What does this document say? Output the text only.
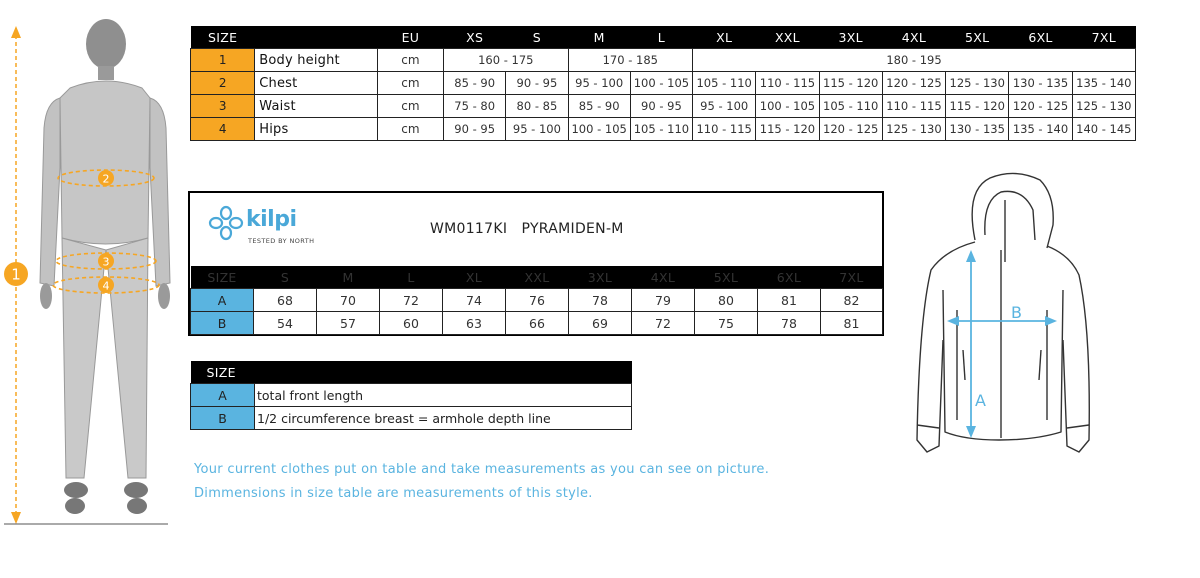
2
3
4
1
SIZE		EU	XS	S	M	L	XL	XXL	3XL	4XL	5XL	6XL	7XL
1	Body height	cm	160 - 175		170 - 185		180 - 195						
2	Chest	cm	85 - 90	90 - 95	95 - 100	100 - 105	105 - 110	110 - 115	115 - 120	120 - 125	125 - 130	130 - 135	135 - 140
3	Waist	cm	75 - 80	80 - 85	85 - 90	90 - 95	95 - 100	100 - 105	105 - 110	110 - 115	115 - 120	120 - 125	125 - 130
4	Hips	cm	90 - 95	95 - 100	100 - 105	105 - 110	110 - 115	115 - 120	120 - 125	125 - 130	130 - 135	135 - 140	140 - 145
kilpi
TESTED BY NORTH
WM0117KI   PYRAMIDEN-M
SIZE	S	M	L	XL	XXL	3XL	4XL	5XL	6XL	7XL
A	68	70	72	74	76	78	79	80	81	82
B	54	57	60	63	66	69	72	75	78	81
SIZE	
A	total front length
B	1/2 circumference breast = armhole depth line
Your current clothes put on table and take measurements as you can see on picture.
Dimmensions in size table are measurements of this style.
A
B
